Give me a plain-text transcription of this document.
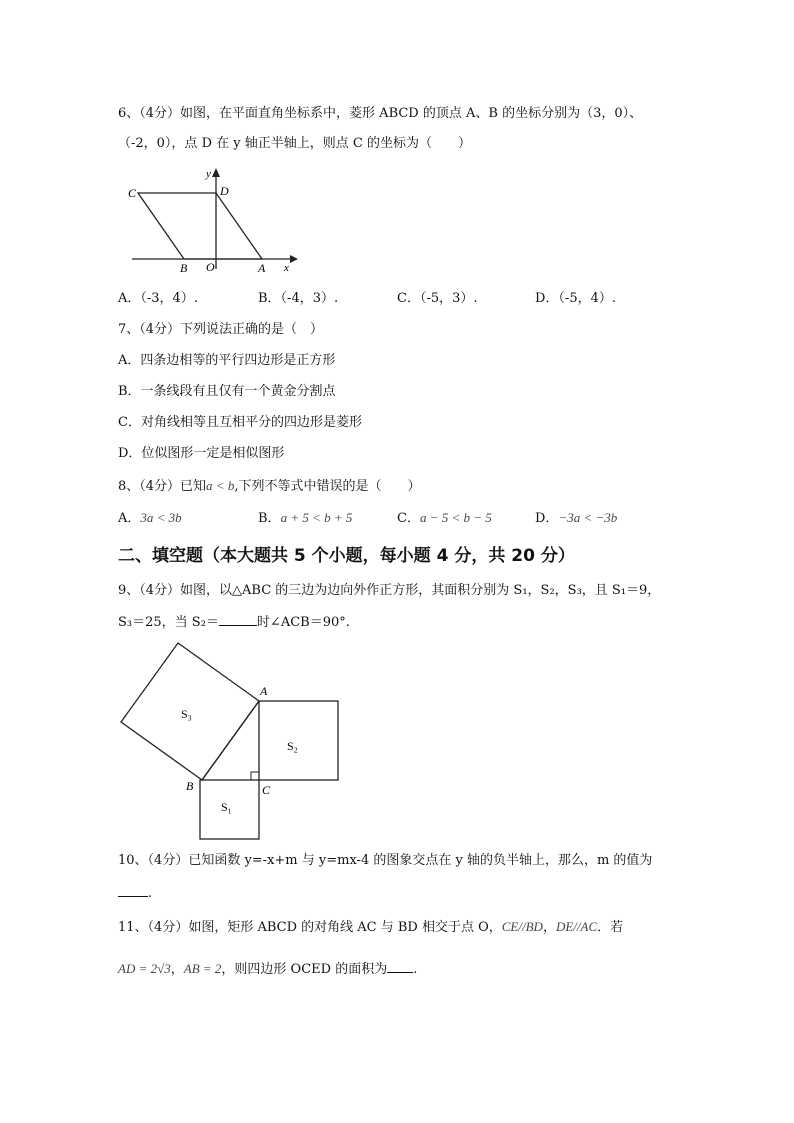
6、（4分）如图，在平面直角坐标系中，菱形 ABCD 的顶点 A、B 的坐标分别为（3，0）、
（-2，0），点 D 在 y 轴正半轴上，则点 C 的坐标为（　　）
y
x
C	D
B O	A
A．（-3，4）.	B．（-4，3）.	C．（-5，3）.	D．（-5，4）.
7、（4分）下列说法正确的是（　）
A．四条边相等的平行四边形是正方形
B．一条线段有且仅有一个黄金分割点
C．对角线相等且互相平分的四边形是菱形
D．位似图形一定是相似图形
8、（4分）已知a < b,下列不等式中错误的是（　　）
A．3a < 3b	B．a + 5 < b + 5	C．a − 5 < b − 5	D．−3a < −3b
二、填空题（本大题共 5 个小题，每小题 4 分，共 20 分）
9、（4分）如图，以△ABC 的三边为边向外作正方形，其面积分别为 S₁，S₂，S₃，且 S₁＝9，
S₃＝25，当 S₂＝	时∠ACB＝90°.
S₃
S₂
S₁
A
B	C
10、（4分）已知函数 y=-x+m 与 y=mx-4 的图象交点在 y 轴的负半轴上，那么，m 的值为
.
11、（4分）如图，矩形 ABCD 的对角线 AC 与 BD 相交于点 O，CE//BD，DE//AC．若
AD = 2√3，AB = 2，则四边形 OCED 的面积为 .
